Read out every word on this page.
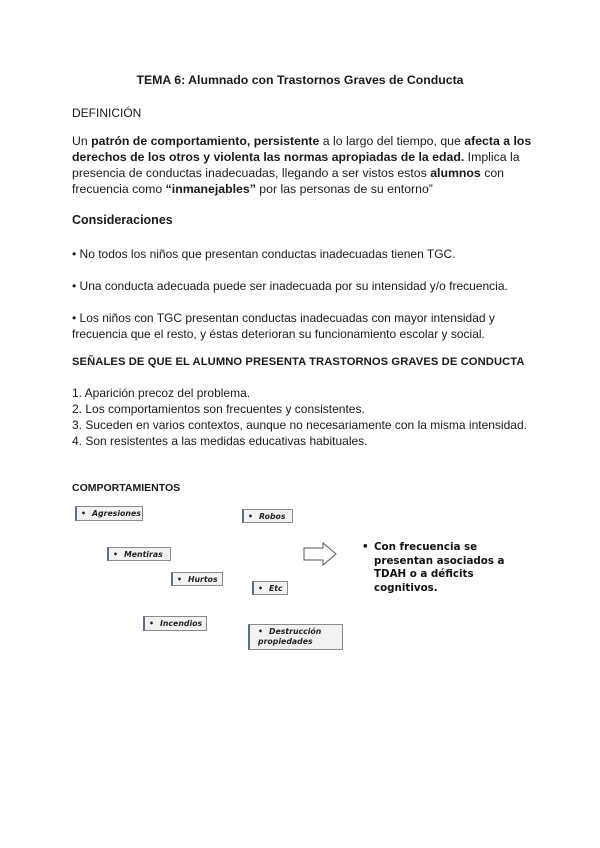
TEMA 6: Alumnado con Trastornos Graves de Conducta
DEFINICIÓN
Un patrón de comportamiento, persistente a lo largo del tiempo, que afecta a los derechos de los otros y violenta las normas apropiadas de la edad. Implica la presencia de conductas inadecuadas, llegando a ser vistos estos alumnos con frecuencia como “inmanejables” por las personas de su entorno”
Consideraciones
• No todos los niños que presentan conductas inadecuadas tienen TGC.
• Una conducta adecuada puede ser inadecuada por su intensidad y/o frecuencia.
• Los niños con TGC presentan conductas inadecuadas con mayor intensidad y frecuencia que el resto, y éstas deterioran su funcionamiento escolar y social.
SEÑALES DE QUE EL ALUMNO PRESENTA TRASTORNOS GRAVES DE CONDUCTA
1. Aparición precoz del problema.
2. Los comportamientos son frecuentes y consistentes.
3. Suceden en varios contextos, aunque no necesariamente con la misma intensidad.
4. Son resistentes a las medidas educativas habituales.
COMPORTAMIENTOS
• Agresiones	• Robos
• Mentiras
• Hurtos
• Etc
• Incendios
• Destrucción propiedades
• Con frecuencia se presentan asociados a TDAH o a déficits cognitivos.
